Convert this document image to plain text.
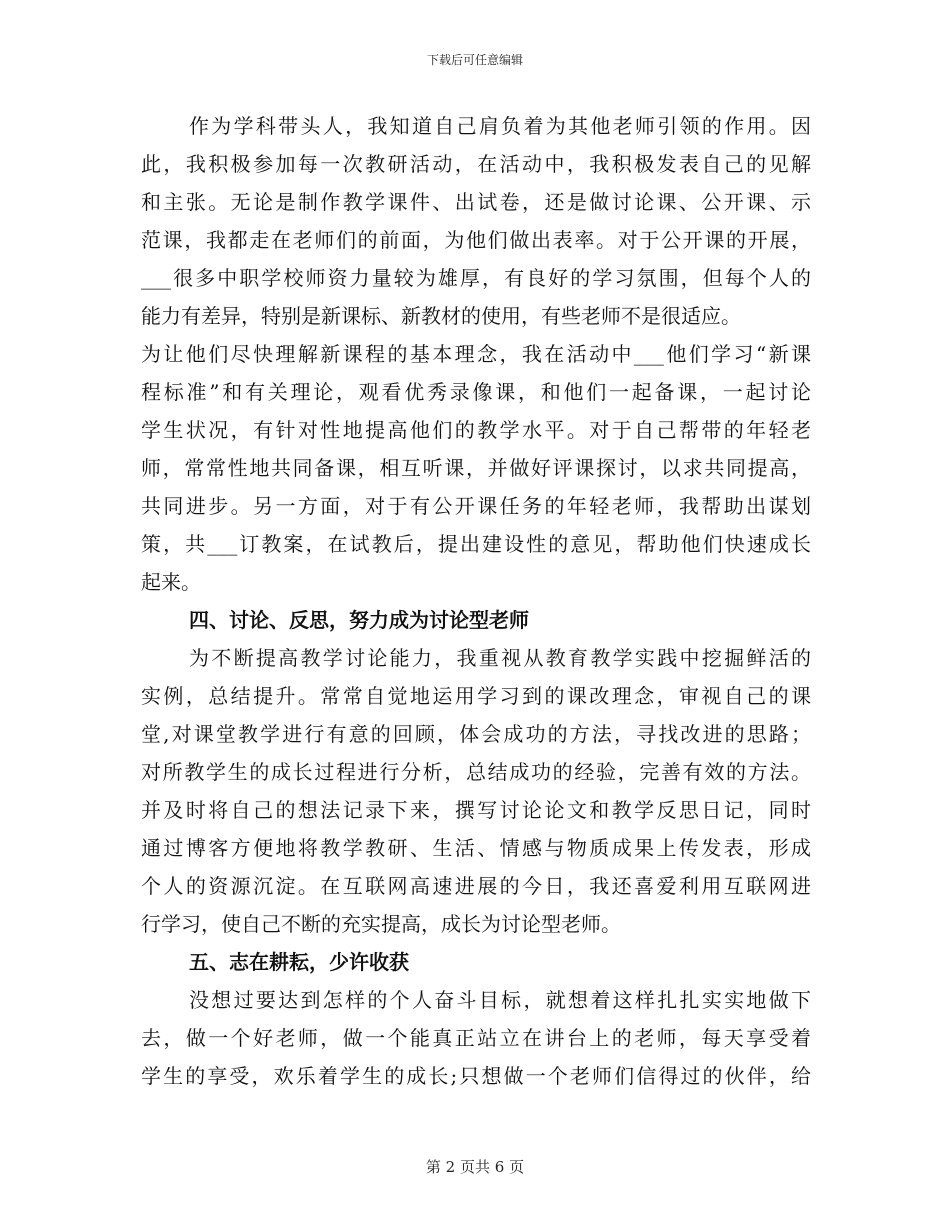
下载后可任意编辑
作为学科带头人，我知道自己肩负着为其他老师引领的作用。因
此，我积极参加每一次教研活动，在活动中，我积极发表自己的见解
和主张。无论是制作教学课件、出试卷，还是做讨论课、公开课、示
范课，我都走在老师们的前面，为他们做出表率。对于公开课的开展，
___很多中职学校师资力量较为雄厚，有良好的学习氛围，但每个人的
能力有差异，特别是新课标、新教材的使用，有些老师不是很适应。
为让他们尽快理解新课程的基本理念，我在活动中___他们学习“新课
程标准”和有关理论，观看优秀录像课，和他们一起备课，一起讨论
学生状况，有针对性地提高他们的教学水平。对于自己帮带的年轻老
师，常常性地共同备课，相互听课，并做好评课探讨，以求共同提高，
共同进步。另一方面，对于有公开课任务的年轻老师，我帮助出谋划
策，共___订教案，在试教后，提出建设性的意见，帮助他们快速成长
起来。
四、讨论、反思，努力成为讨论型老师
为不断提高教学讨论能力，我重视从教育教学实践中挖掘鲜活的
实例，总结提升。常常自觉地运用学习到的课改理念，审视自己的课
堂,对课堂教学进行有意的回顾，体会成功的方法，寻找改进的思路；
对所教学生的成长过程进行分析，总结成功的经验，完善有效的方法。
并及时将自己的想法记录下来，撰写讨论论文和教学反思日记，同时
通过博客方便地将教学教研、生活、情感与物质成果上传发表，形成
个人的资源沉淀。在互联网高速进展的今日，我还喜爱利用互联网进
行学习，使自己不断的充实提高，成长为讨论型老师。
五、志在耕耘，少许收获
没想过要达到怎样的个人奋斗目标，就想着这样扎扎实实地做下
去，做一个好老师，做一个能真正站立在讲台上的老师，每天享受着
学生的享受，欢乐着学生的成长;只想做一个老师们信得过的伙伴，给
第 2 页共 6 页
